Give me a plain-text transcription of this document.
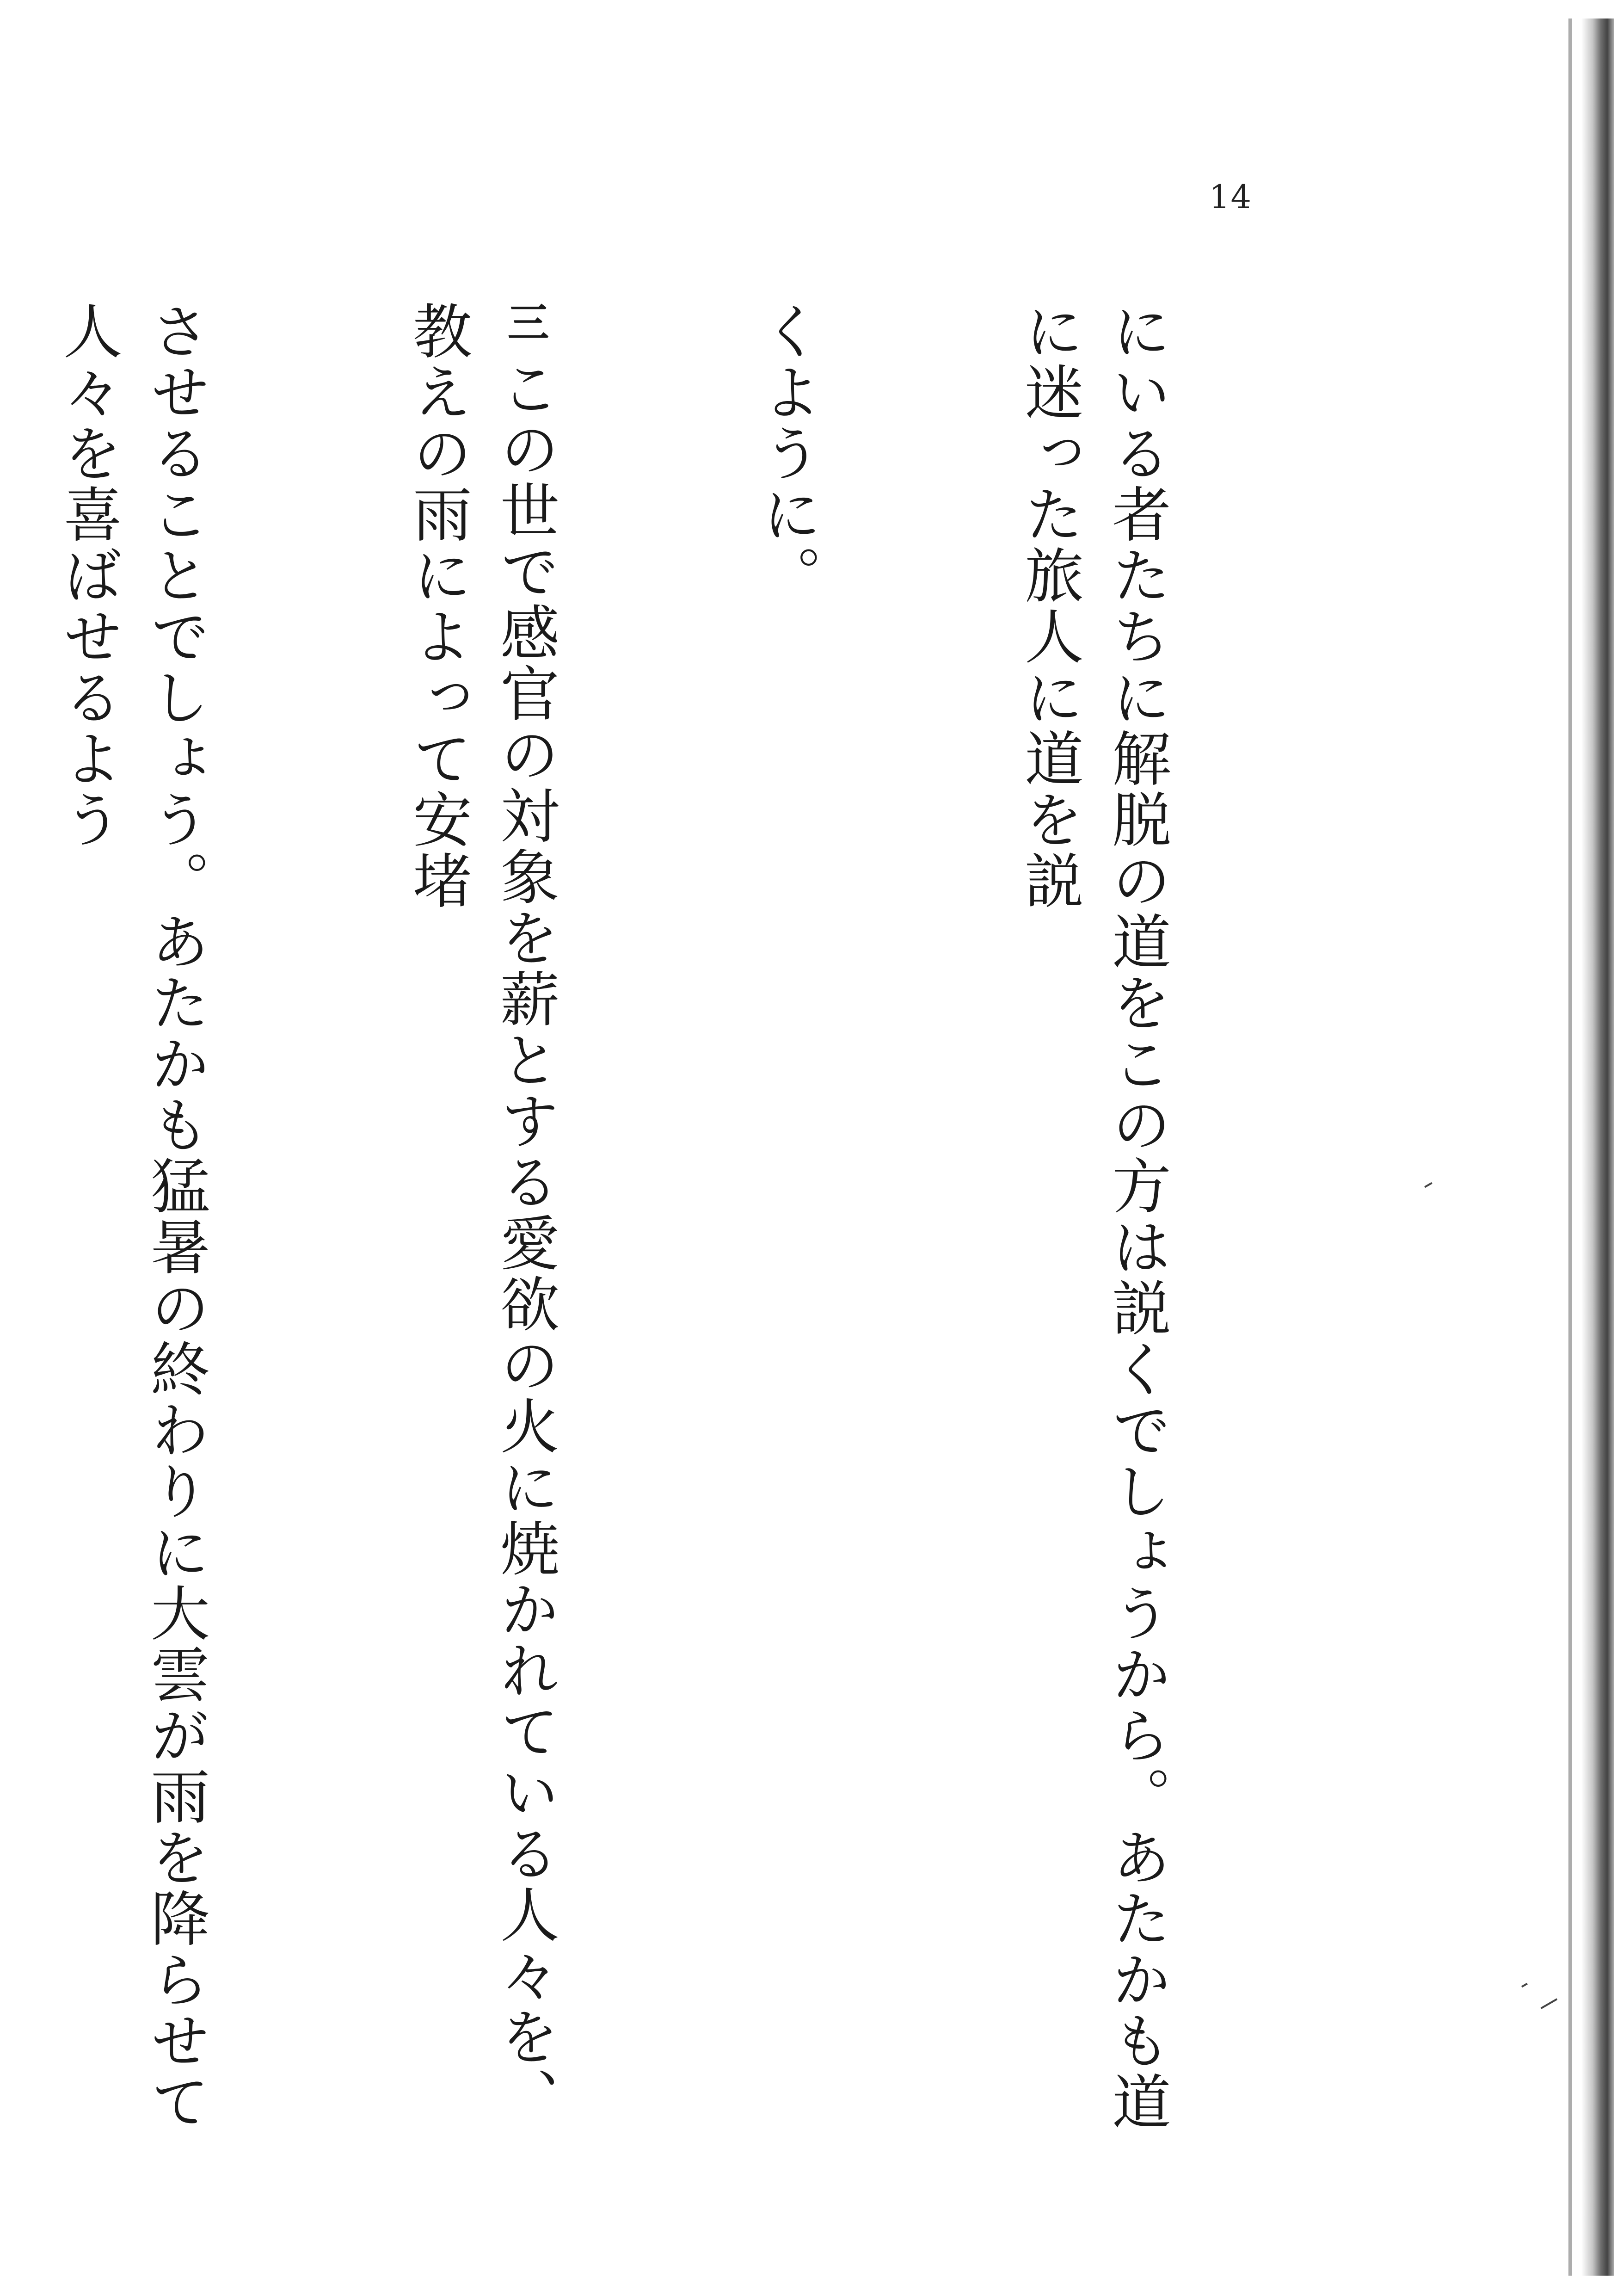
14

にいる者たちに解脱の道をこの方は説くでしょうから。あたかも道に迷った旅人に道を説

くように。

三この世で感官の対象を薪とする愛欲の火に焼かれている人々を、教えの雨によって安堵

させることでしょう。あたかも猛暑の終わりに大雲が雨を降らせて人々を喜ばせるよう
